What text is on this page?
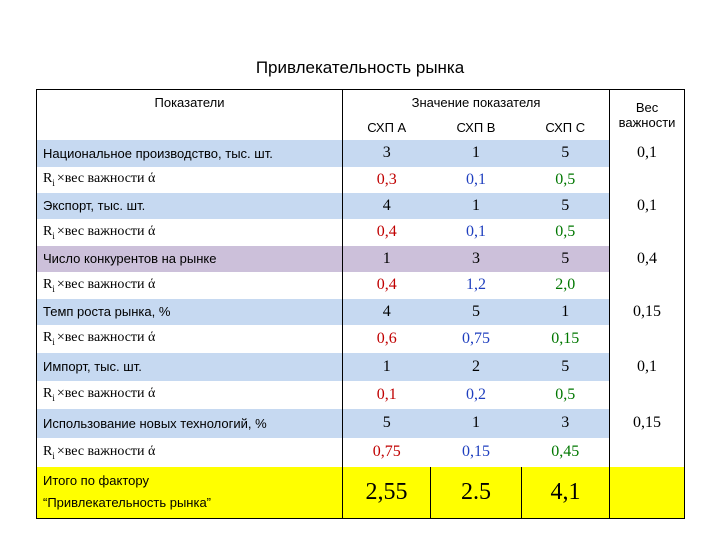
Привлекательность рынка
Показатели	Значение показателя			Вес важности
	СХП А	СХП B	СХП С	
Национальное производство, тыс. шт.	3	1	5	0,1
$R_i \times вес$ важности ά	0,3	0,1	0,5	
Экспорт, тыс. шт.	4	1	5	0,1
$R_i \times вес$ важности ά	0,4	0,1	0,5	
Число конкурентов на рынке	1	3	5	0,4
$R_i \times вес$ важности ά	0,4	1,2	2,0	
Темп роста рынка, %	4	5	1	0,15
$R_i \times вес$ важности ά	0,6	0,75	0,15	
Импорт, тыс. шт.	1	2	5	0,1
$R_i \times вес$ важности ά	0,1	0,2	0,5	
Использование новых технологий, %	5	1	3	0,15
$R_i \times вес$ важности ά	0,75	0,15	0,45	

Итого по фактору
“Привлекательность рынка”	2,55	2.5	4,1	
